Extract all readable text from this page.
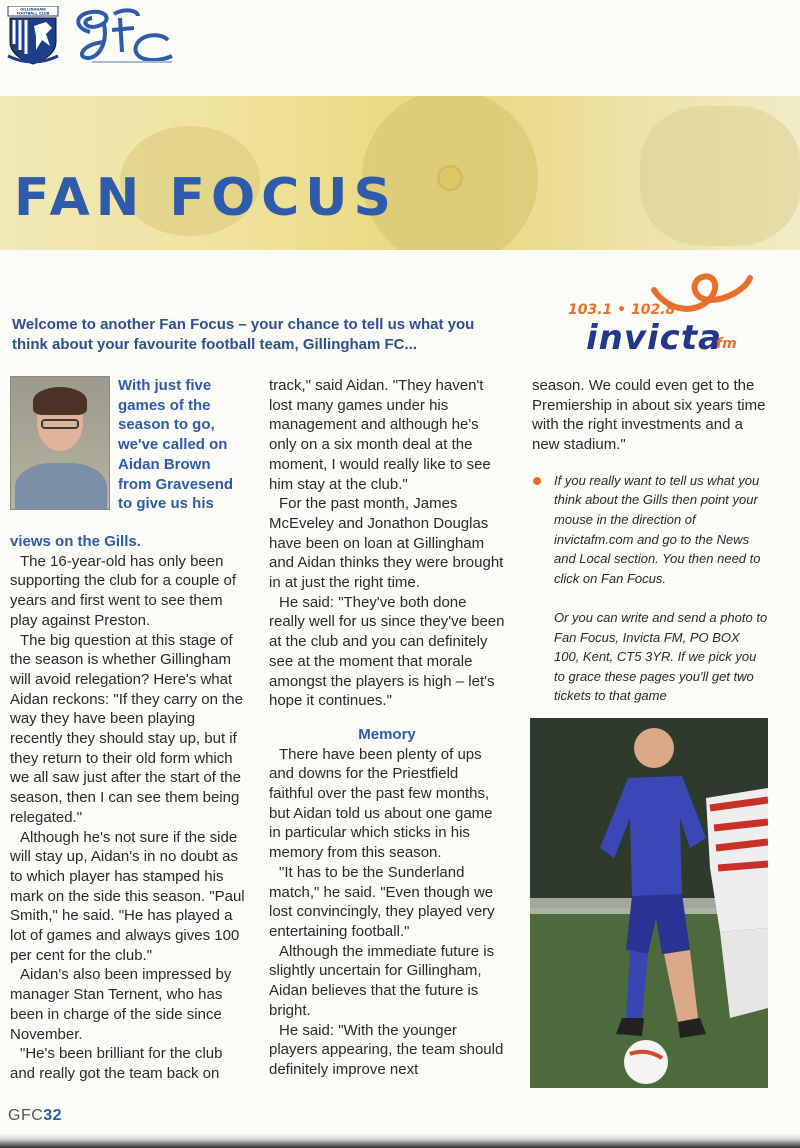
GILLINGHAM
FOOTBALL CLUB
FAN FOCUS
103.1 • 102.8
invicta
fm
Welcome to another Fan Focus – your chance to tell us what you think about your favourite football team, Gillingham FC...
With just five games of the season to go, we've called on Aidan Brown from Gravesend to give us his

views on the Gills.

The 16-year-old has only been supporting the club for a couple of years and first went to see them play against Preston.

The big question at this stage of the season is whether Gillingham will avoid relegation? Here's what Aidan reckons: "If they carry on the way they have been playing recently they should stay up, but if they return to their old form which we all saw just after the start of the season, then I can see them being relegated."

Although he's not sure if the side will stay up, Aidan's in no doubt as to which player has stamped his mark on the side this season. "Paul Smith," he said. "He has played a lot of games and always gives 100 per cent for the club."

Aidan's also been impressed by manager Stan Ternent, who has been in charge of the side since November.

"He's been brilliant for the club and really got the team back on

track," said Aidan. "They haven't lost many games under his management and although he's only on a six month deal at the moment, I would really like to see him stay at the club."

For the past month, James McEveley and Jonathon Douglas have been on loan at Gillingham and Aidan thinks they were brought in at just the right time.

He said: "They've both done really well for us since they've been at the club and you can definitely see at the moment that morale amongst the players is high – let's hope it continues."

Memory

There have been plenty of ups and downs for the Priestfield faithful over the past few months, but Aidan told us about one game in particular which sticks in his memory from this season.

"It has to be the Sunderland match," he said. "Even though we lost convincingly, they played very entertaining football."

Although the immediate future is slightly uncertain for Gillingham, Aidan believes that the future is bright.

He said: "With the younger players appearing, the team should definitely improve next

season. We could even get to the Premiership in about six years time with the right investments and a new stadium."

If you really want to tell us what you think about the Gills then point your mouse in the direction of invictafm.com and go to the News and Local section. You then need to click on Fan Focus.

Or you can write and send a photo to Fan Focus, Invicta FM, PO BOX 100, Kent, CT5 3YR. If we pick you to grace these pages you'll get two tickets to that game

GFC32
